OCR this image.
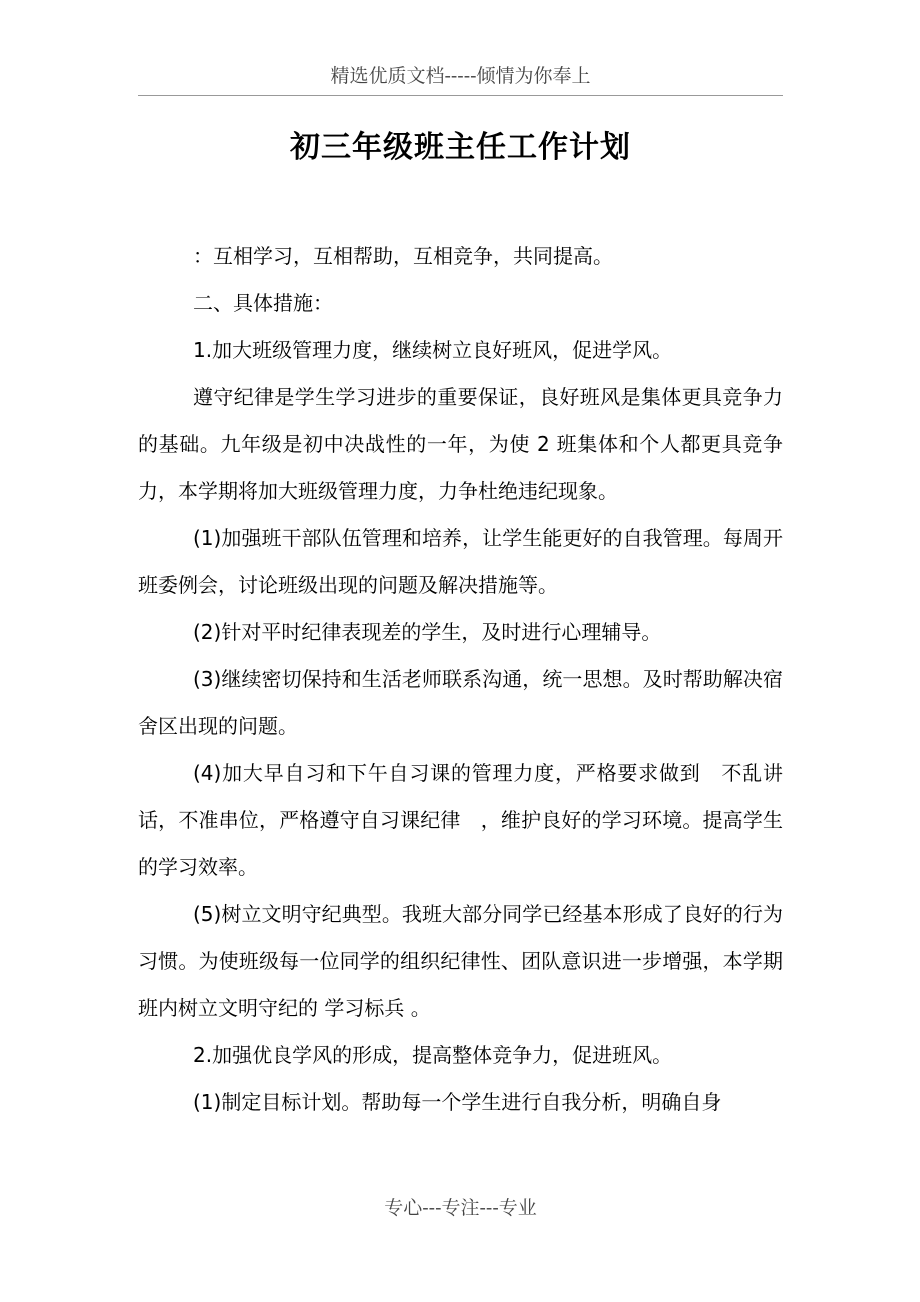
精选优质文档-----倾情为你奉上
初三年级班主任工作计划

：互相学习，互相帮助，互相竞争，共同提高。

二、具体措施：

1.加大班级管理力度，继续树立良好班风，促进学风。

遵守纪律是学生学习进步的重要保证，良好班风是集体更具竞争力的基础。九年级是初中决战性的一年，为使 2 班集体和个人都更具竞争力，本学期将加大班级管理力度，力争杜绝违纪现象。

(1)加强班干部队伍管理和培养，让学生能更好的自我管理。每周开班委例会，讨论班级出现的问题及解决措施等。

(2)针对平时纪律表现差的学生，及时进行心理辅导。

(3)继续密切保持和生活老师联系沟通，统一思想。及时帮助解决宿舍区出现的问题。

(4)加大早自习和下午自习课的管理力度，严格要求做到　不乱讲话，不准串位，严格遵守自习课纪律　，维护良好的学习环境。提高学生的学习效率。

(5)树立文明守纪典型。我班大部分同学已经基本形成了良好的行为习惯。为使班级每一位同学的组织纪律性、团队意识进一步增强，本学期班内树立文明守纪的 学习标兵 。

2.加强优良学风的形成，提高整体竞争力，促进班风。

(1)制定目标计划。帮助每一个学生进行自我分析，明确自身

专心---专注---专业
